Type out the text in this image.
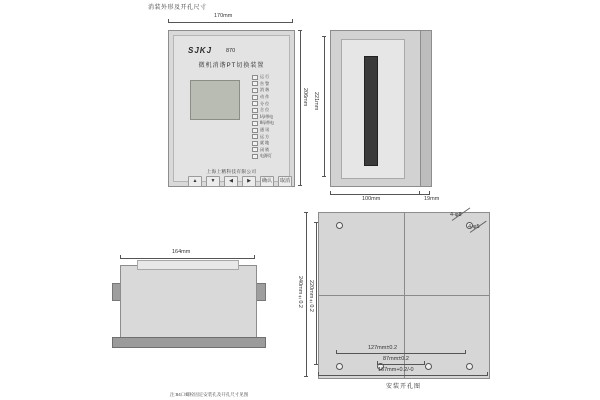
消装外形及开孔尺寸
SJKJ	870
微机消谐PT切换装置
运 行
告 警
消 谐
动 作
分 位
合 位
Ⅰ母带电
Ⅱ母带电
通 讯
远 方
就 地
闭 锁
电源灯
▲	▼	◀	▶	确认	取消
上海上精科技有限公司
170mm
206mm 221mm
100mm	19mm
164mm
4-φ8
4-φ5
127mm±0.2
87mm±0.2
167mm+0.2/-0
240mm±0.2 220mm±0.2
安装开孔图
注:84口螺栓固定安装孔及开孔尺寸见图
